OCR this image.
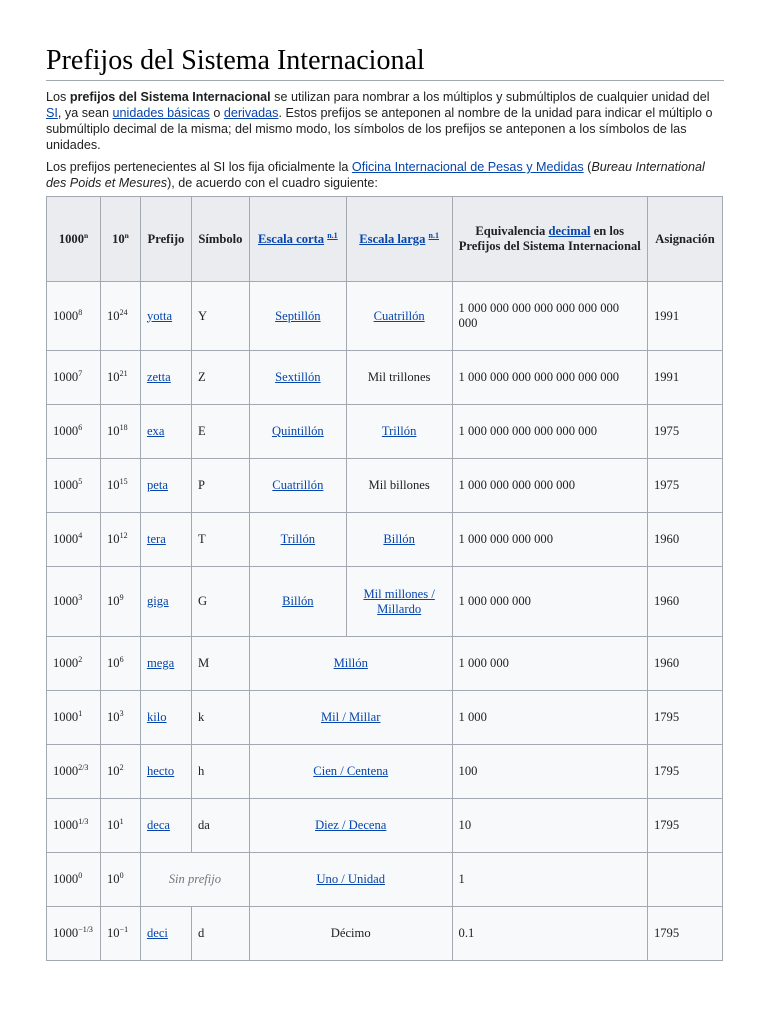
Prefijos del Sistema Internacional

Los prefijos del Sistema Internacional se utilizan para nombrar a los múltiplos y submúltiplos de cualquier unidad del SI, ya sean unidades básicas o derivadas. Estos prefijos se anteponen al nombre de la unidad para indicar el múltiplo o submúltiplo decimal de la misma; del mismo modo, los símbolos de los prefijos se anteponen a los símbolos de las unidades.

Los prefijos pertenecientes al SI los fija oficialmente la Oficina Internacional de Pesas y Medidas (Bureau International des Poids et Mesures), de acuerdo con el cuadro siguiente:

1000$^n$	10$^n$	Prefijo	Símbolo	Escala corta $^{n.1}$	Escala larga $^{n.1}$	Equivalencia decimal en los Prefijos del Sistema Internacional	Asignación
1000$^8$	$10^{24}$	yotta	Y	Septillón	Cuatrillón	1 000 000 000 000 000 000 000 000	1991
1000$^7$	$10^{21}$	zetta	Z	Sextillón	Mil trillones	1 000 000 000 000 000 000 000	1991
1000$^6$	$10^{18}$	exa	E	Quintillón	Trillón	1 000 000 000 000 000 000	1975
1000$^5$	$10^{15}$	peta	P	Cuatrillón	Mil billones	1 000 000 000 000 000	1975
1000$^4$	$10^{12}$	tera	T	Trillón	Billón	1 000 000 000 000	1960
1000$^3$	$10^9$	giga	G	Billón	Mil millones /
Millardo	1 000 000 000	1960
1000$^2$	$10^6$	mega	M	Millón		1 000 000	1960
1000$^1$	$10^3$	kilo	k	Mil / Millar		1 000	1795
$1000^{2/3}$	$10^2$	hecto	h	Cien / Centena		100	1795
$1000^{1/3}$	$10^1$	deca	da	Diez / Decena		10	1795
1000$^0$	$10^0$	Sin prefijo		Uno / Unidad		1	
$1000^{-1/3}$	$10^{-1}$	deci	d	Décimo		0.1	1795
